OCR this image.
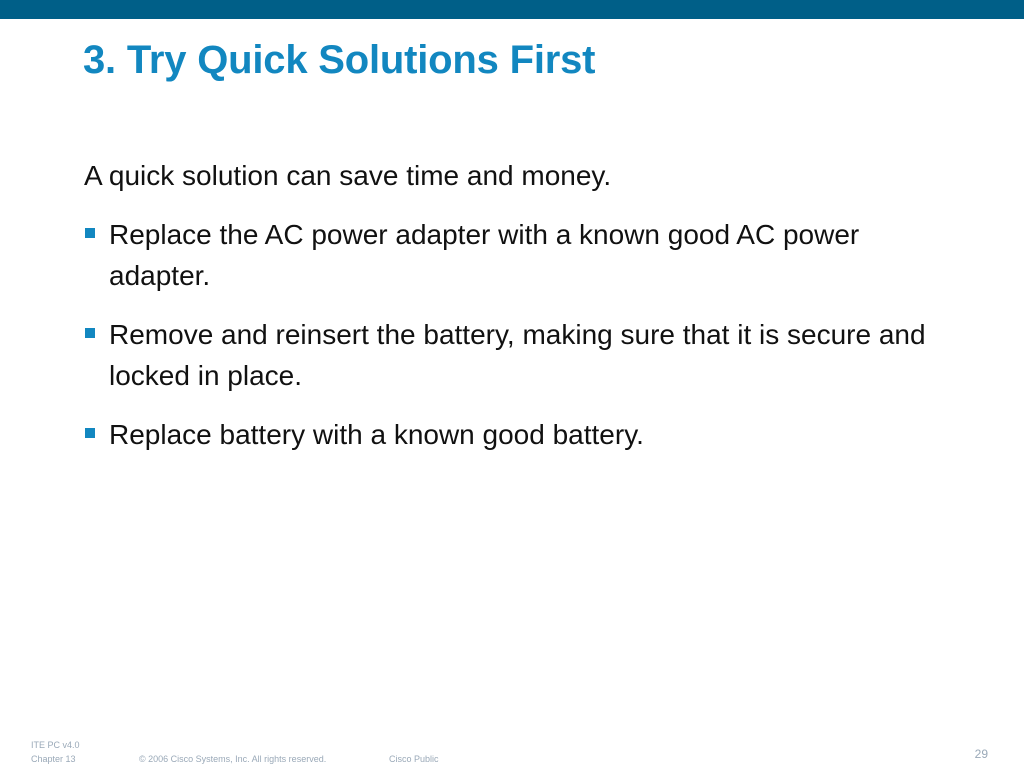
3. Try Quick Solutions First

A quick solution can save time and money.

Replace the AC power adapter with a known good AC power adapter.
Remove and reinsert the battery, making sure that it is secure and locked in place.
Replace battery with a known good battery.
ITE PC v4.0
Chapter 13	© 2006 Cisco Systems, Inc. All rights reserved.	Cisco Public	29
